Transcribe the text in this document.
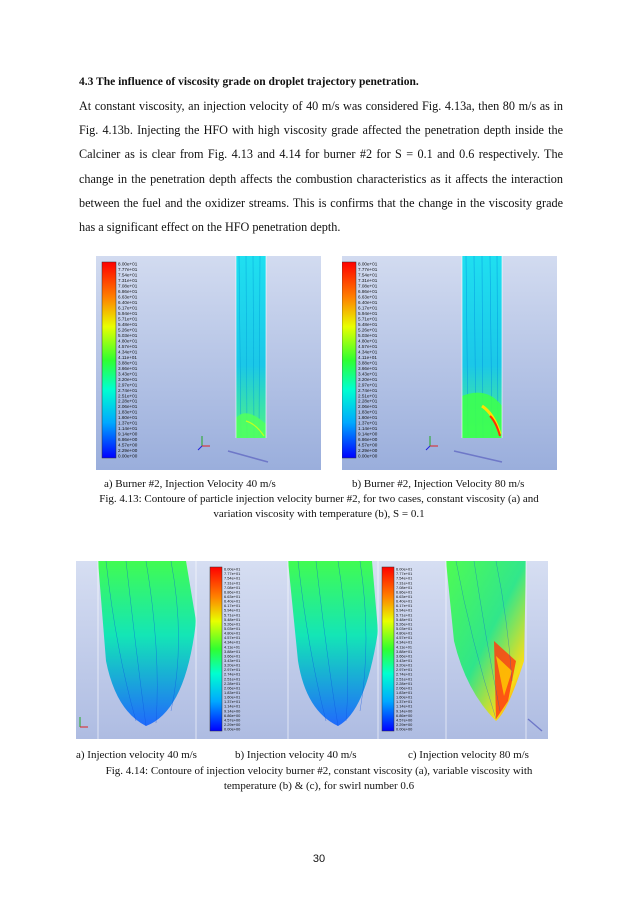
4.3 The influence of viscosity grade on droplet trajectory penetration.
At constant viscosity, an injection velocity of 40 m/s was considered Fig. 4.13a, then 80 m/s as in Fig. 4.13b. Injecting the HFO with high viscosity grade affected the penetration depth inside the Calciner as is clear from Fig. 4.13 and 4.14 for burner #2 for S = 0.1 and 0.6 respectively. The change in the penetration depth affects the combustion characteristics as it affects the interaction between the fuel and the oxidizer streams. This is confirms that the change in the viscosity grade has a significant effect on the HFO penetration depth.
8.00e+01
7.77e+01
7.54e+01
7.31e+01
7.08e+01
6.86e+01
6.63e+01
6.40e+01
6.17e+01
5.94e+01
5.71e+01
5.48e+01
5.26e+01
5.03e+01
4.80e+01
4.57e+01
4.34e+01
4.11e+01
3.88e+01
3.66e+01
3.43e+01
3.20e+01
2.97e+01
2.74e+01
2.51e+01
2.28e+01
2.06e+01
1.83e+01
1.60e+01
1.37e+01
1.14e+01
9.14e+00
6.86e+00
4.57e+00
2.29e+00
0.00e+00
8.00e+01
7.77e+01
7.54e+01
7.31e+01
7.08e+01
6.86e+01
6.63e+01
6.40e+01
6.17e+01
5.94e+01
5.71e+01
5.48e+01
5.26e+01
5.03e+01
4.80e+01
4.57e+01
4.34e+01
4.11e+01
3.88e+01
3.66e+01
3.43e+01
3.20e+01
2.97e+01
2.74e+01
2.51e+01
2.28e+01
2.06e+01
1.83e+01
1.60e+01
1.37e+01
1.14e+01
9.14e+00
6.86e+00
4.57e+00
2.29e+00
0.00e+00
a) Burner #2, Injection Velocity 40 m/s	b) Burner #2, Injection Velocity 80 m/s
Fig. 4.13: Contoure of particle injection velocity burner #2, for two cases, constant viscosity (a) and
variation viscosity with temperature (b), S = 0.1
6.00e+01
7.77e+01
7.54e+01
7.31e+01
7.08e+01
6.86e+01
6.63e+01
6.40e+01
6.17e+01
5.94e+01
5.71e+01
5.48e+01
5.26e+01
5.03e+01
4.80e+01
4.57e+01
4.34e+01
4.11e+01
3.88e+01
3.66e+01
3.43e+01
3.20e+01
2.97e+01
2.74e+01
2.51e+01
2.28e+01
2.06e+01
1.83e+01
1.60e+01
1.37e+01
1.14e+01
9.14e+00
6.86e+00
4.57e+00
2.29e+00
0.00e+00
6.00e+01
7.77e+01
7.54e+01
7.31e+01
7.08e+01
6.86e+01
6.63e+01
6.40e+01
6.17e+01
5.94e+01
5.71e+01
5.48e+01
5.26e+01
5.03e+01
4.80e+01
4.57e+01
4.34e+01
4.11e+01
3.88e+01
3.66e+01
3.43e+01
3.20e+01
2.97e+01
2.74e+01
2.51e+01
2.28e+01
2.06e+01
1.83e+01
1.60e+01
1.37e+01
1.14e+01
9.14e+00
6.86e+00
4.57e+00
2.29e+00
0.00e+00
a) Injection velocity 40 m/s	b) Injection velocity 40 m/s	c) Injection velocity 80 m/s
Fig. 4.14: Contoure of injection velocity burner #2, constant viscosity (a), variable viscosity with
temperature (b) & (c), for swirl number 0.6
30
